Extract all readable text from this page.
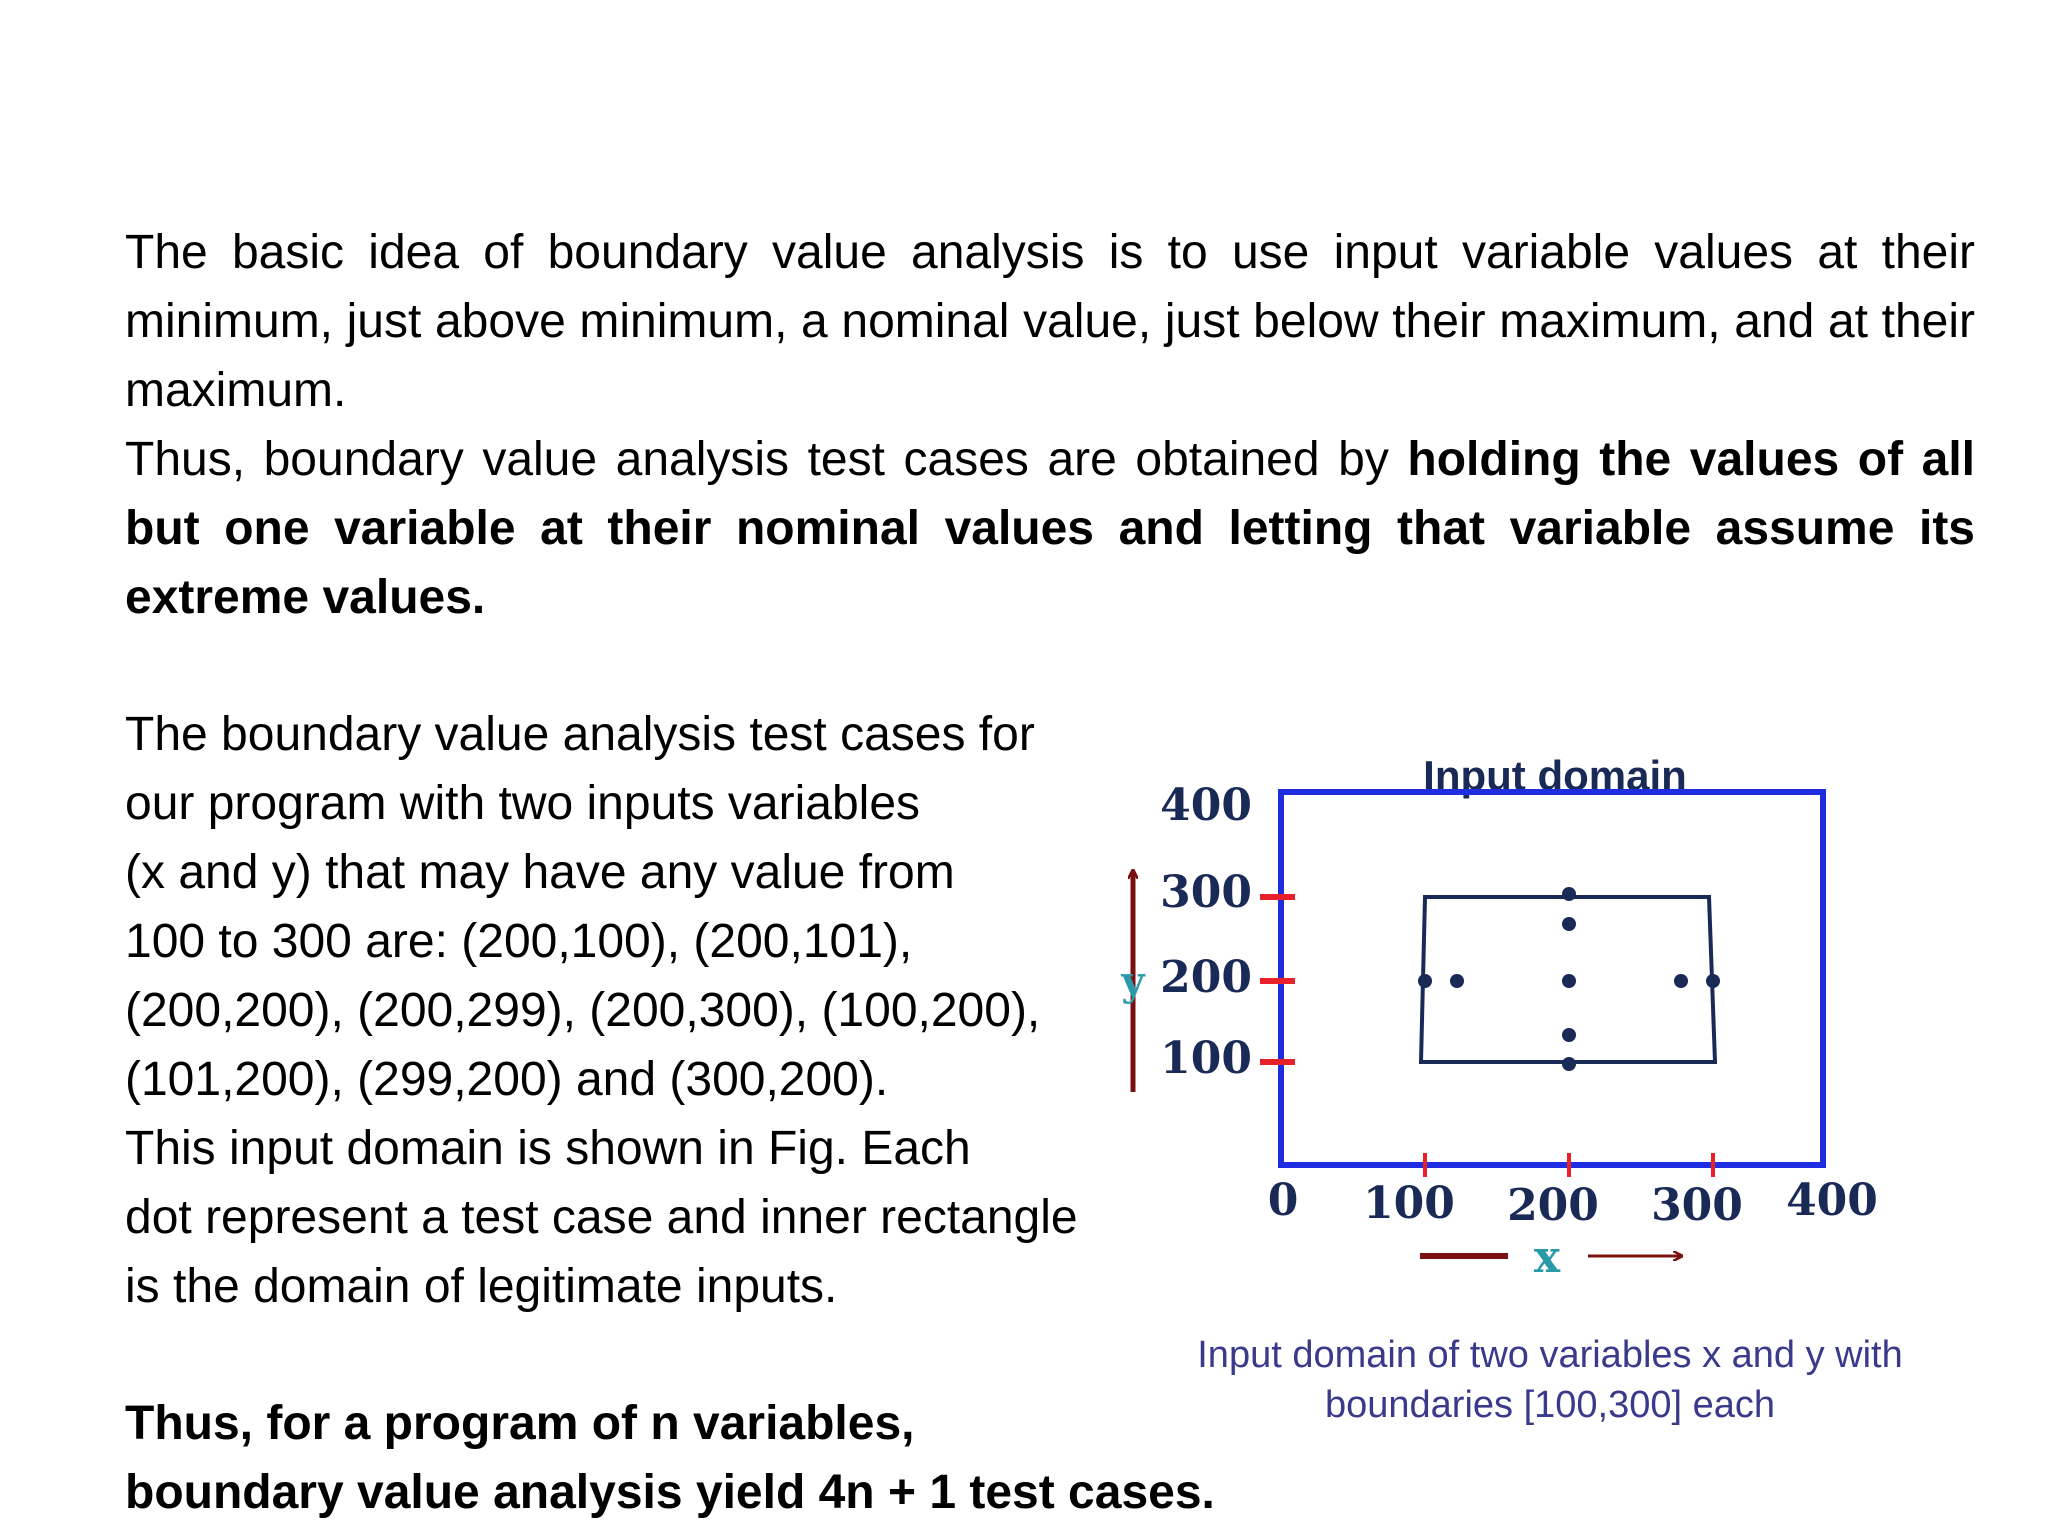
The basic idea of boundary value analysis is to use input variable values at their minimum, just above minimum, a nominal value, just below their maximum, and at their maximum.

Thus, boundary value analysis test cases are obtained by holding the values of all but one variable at their nominal values and letting that variable assume its extreme values.

The boundary value analysis test cases for
our program with two inputs variables
(x and y) that may have any value from
100 to 300 are: (200,100), (200,101),
(200,200), (200,299), (200,300), (100,200),
(101,200), (299,200) and (300,200).
This input domain is shown in Fig. Each
dot represent a test case and inner rectangle
is the domain of legitimate inputs.
Thus, for a program of n variables,
boundary value analysis yield 4n + 1 test cases.
Input domain
0 100 200 300 400
400
300
200
100
y
x
Input domain of two variables x and y with
boundaries [100,300] each
